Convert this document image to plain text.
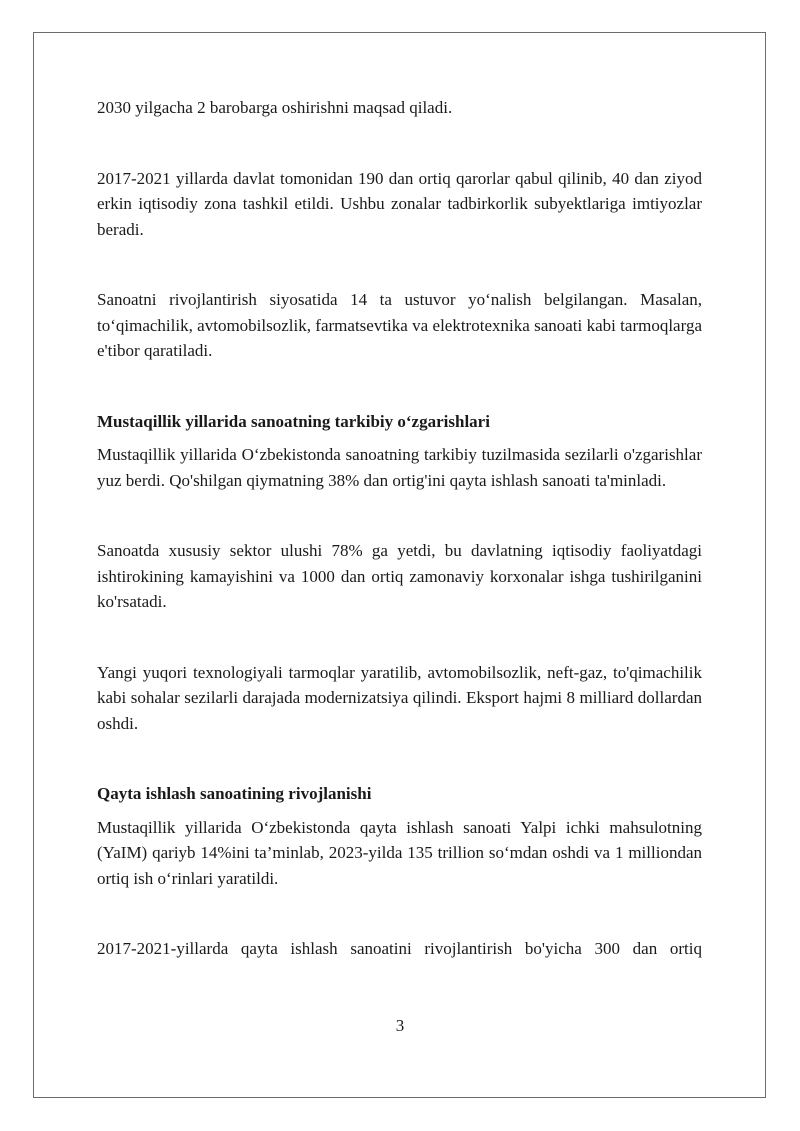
2030 yilgacha 2 barobarga oshirishni maqsad qiladi.

2017-2021 yillarda davlat tomonidan 190 dan ortiq qarorlar qabul qilinib, 40 dan ziyod erkin iqtisodiy zona tashkil etildi. Ushbu zonalar tadbirkorlik subyektlariga imtiyozlar beradi.

Sanoatni rivojlantirish siyosatida 14 ta ustuvor yo‘nalish belgilangan. Masalan, to‘qimachilik, avtomobilsozlik, farmatsevtika va elektrotexnika sanoati kabi tarmoqlarga e'tibor qaratiladi.

Mustaqillik yillarida sanoatning tarkibiy o‘zgarishlari

Mustaqillik yillarida O‘zbekistonda sanoatning tarkibiy tuzilmasida sezilarli o'zgarishlar yuz berdi. Qo'shilgan qiymatning 38% dan ortig'ini qayta ishlash sanoati ta'minladi.

Sanoatda xususiy sektor ulushi 78% ga yetdi, bu davlatning iqtisodiy faoliyatdagi ishtirokining kamayishini va 1000 dan ortiq zamonaviy korxonalar ishga tushirilganini ko'rsatadi.

Yangi yuqori texnologiyali tarmoqlar yaratilib, avtomobilsozlik, neft-gaz, to'qimachilik kabi sohalar sezilarli darajada modernizatsiya qilindi. Eksport hajmi 8 milliard dollardan oshdi.

Qayta ishlash sanoatining rivojlanishi

Mustaqillik yillarida O‘zbekistonda qayta ishlash sanoati Yalpi ichki mahsulotning (YaIM) qariyb 14%ini ta’minlab, 2023-yilda 135 trillion so‘mdan oshdi va 1 milliondan ortiq ish o‘rinlari yaratildi.

2017-2021-yillarda qayta ishlash sanoatini rivojlantirish bo'yicha 300 dan ortiq

3
